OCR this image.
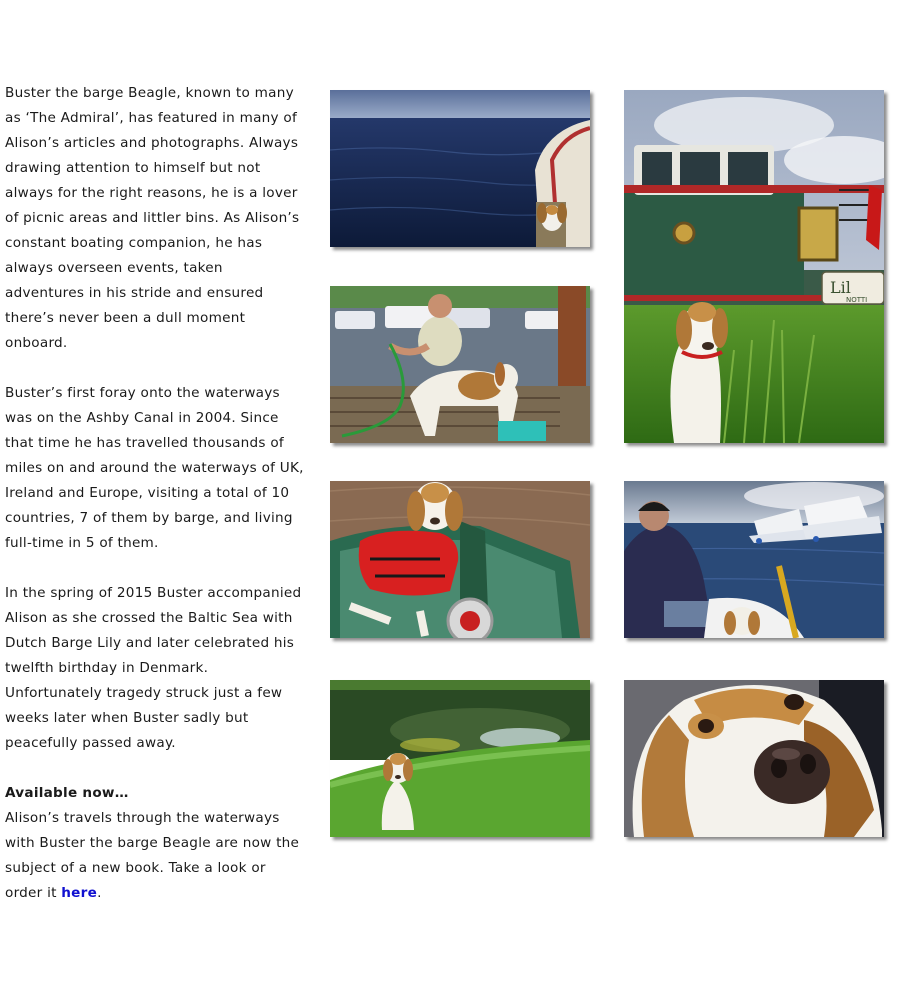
Buster the barge Beagle, known to many as ‘The Admiral’, has featured in many of Alison’s articles and photographs. Always drawing attention to himself but not always for the right reasons, he is a lover of picnic areas and littler bins. As Alison’s constant boating companion, he has always overseen events, taken adventures in his stride and ensured there’s never been a dull moment onboard.

Buster’s first foray onto the waterways was on the Ashby Canal in 2004. Since that time he has travelled thousands of miles on and around the waterways of UK, Ireland and Europe, visiting a total of 10 countries, 7 of them by barge, and living full-time in 5 of them.

In the spring of 2015 Buster accompanied Alison as she crossed the Baltic Sea with Dutch Barge Lily and later celebrated his twelfth birthday in Denmark. Unfortunately tragedy struck just a few weeks later when Buster sadly but peacefully passed away.

Available now…

Alison’s travels through the waterways with Buster the barge Beagle are now the subject of a new book. Take a look or order it here.

Lil
NOTTI
